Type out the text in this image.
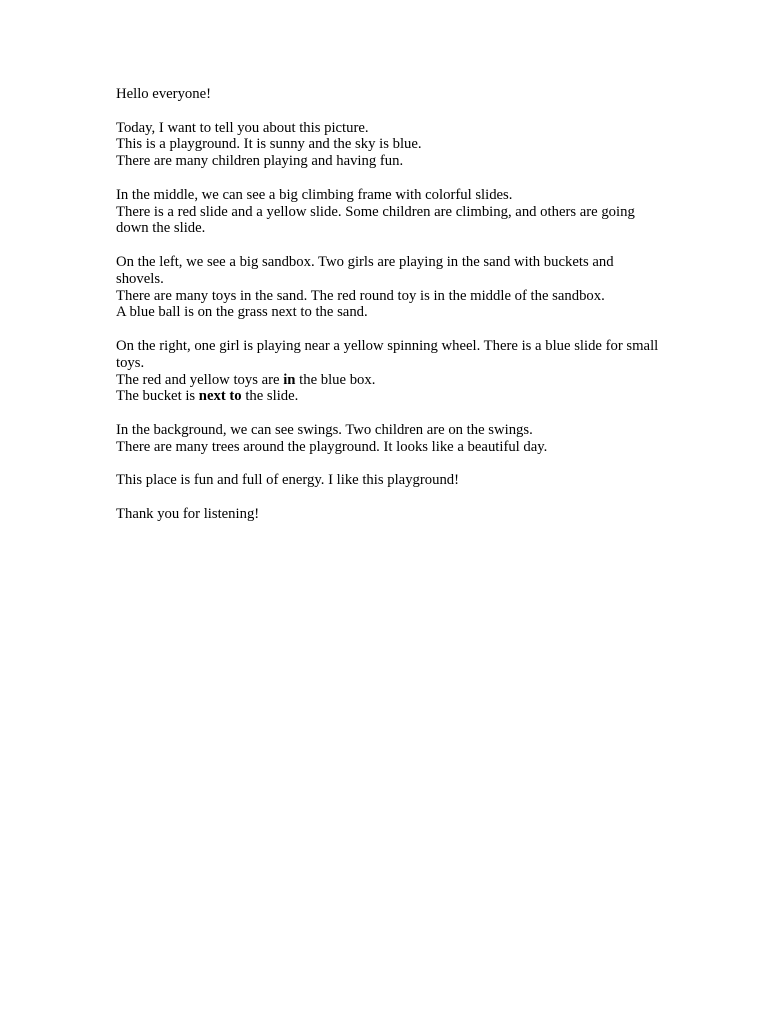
Hello everyone!

Today, I want to tell you about this picture.
This is a playground. It is sunny and the sky is blue.
There are many children playing and having fun.

In the middle, we can see a big climbing frame with colorful slides.
There is a red slide and a yellow slide. Some children are climbing, and others are going down the slide.

On the left, we see a big sandbox. Two girls are playing in the sand with buckets and shovels.
There are many toys in the sand. The red round toy is in the middle of the sandbox.
A blue ball is on the grass next to the sand.

On the right, one girl is playing near a yellow spinning wheel. There is a blue slide for small toys.
The red and yellow toys are in the blue box.
The bucket is next to the slide.

In the background, we can see swings. Two children are on the swings.
There are many trees around the playground. It looks like a beautiful day.

This place is fun and full of energy. I like this playground!

Thank you for listening!
